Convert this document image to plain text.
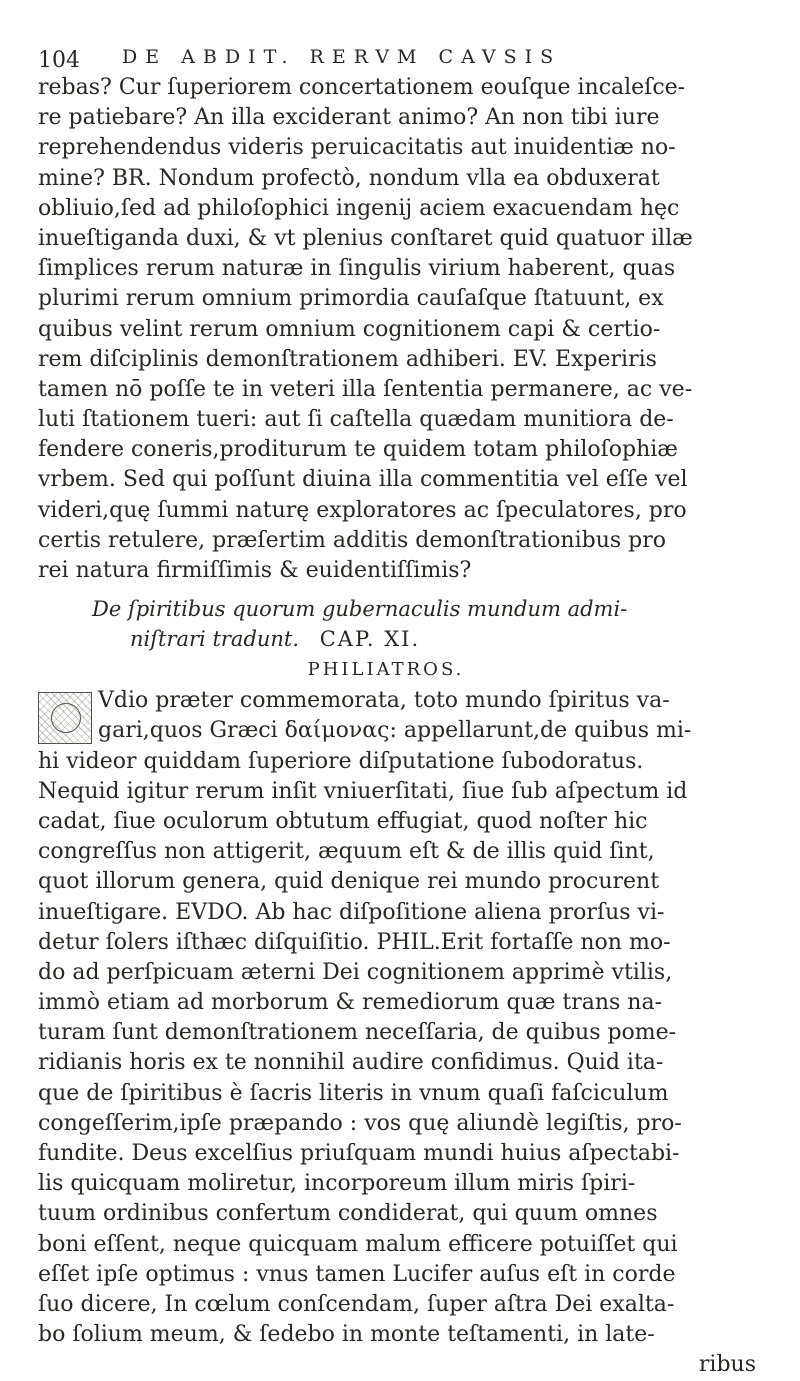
104 DE ABDIT. RERVM CAVSIS
rebas? Cur ſuperiorem concertationem eouſque incaleſce-
re patiebare? An illa exciderant animo? An non tibi iure
reprehendendus videris peruicacitatis aut inuidentiæ no-
mine? BR. Nondum profectò, nondum vlla ea obduxerat
obliuio,ſed ad philoſophici ingenij aciem exacuendam hęc
inueſtiganda duxi, & vt plenius conſtaret quid quatuor illæ
ſimplices rerum naturæ in ſingulis virium haberent, quas
plurimi rerum omnium primordia cauſaſque ſtatuunt, ex
quibus velint rerum omnium cognitionem capi & certio-
rem diſciplinis demonſtrationem adhiberi. EV. Experiris
tamen nō poſſe te in veteri illa ſententia permanere, ac ve-
luti ſtationem tueri: aut ſi caſtella quædam munitiora de-
fendere coneris,proditurum te quidem totam philoſophiæ
vrbem. Sed qui poſſunt diuina illa commentitia vel eſſe vel
videri,quę ſummi naturę exploratores ac ſpeculatores, pro
certis retulere, præſertim additis demonſtrationibus pro
rei natura firmiſſimis & euidentiſſimis?
De ſpiritibus quorum gubernaculis mundum admi-
niſtrari tradunt. CAP. XI.
PHILIATROS.
Vdio præter commemorata, toto mundo ſpiritus va-
gari,quos Græci δαίμονας: appellarunt,de quibus mi-
hi videor quiddam ſuperiore diſputatione ſubodoratus.
Nequid igitur rerum inſit vniuerſitati, ſiue ſub aſpectum id
cadat, ſiue oculorum obtutum effugiat, quod noſter hic
congreſſus non attigerit, æquum eſt & de illis quid ſint,
quot illorum genera, quid denique rei mundo procurent
inueſtigare. EVDO. Ab hac diſpoſitione aliena prorſus vi-
detur ſolers iſthæc diſquiſitio. PHIL.Erit fortaſſe non mo-
do ad perſpicuam æterni Dei cognitionem apprimè vtilis,
immò etiam ad morborum & remediorum quæ trans na-
turam ſunt demonſtrationem neceſſaria, de quibus pome-
ridianis horis ex te nonnihil audire confidimus. Quid ita-
que de ſpiritibus è ſacris literis in vnum quaſi faſciculum
congeſſerim,ipſe præpando : vos quę aliundè legiſtis, pro-
fundite. Deus excelſius priuſquam mundi huius aſpectabi-
lis quicquam moliretur, incorporeum illum miris ſpiri-
tuum ordinibus confertum condiderat, qui quum omnes
boni eſſent, neque quicquam malum efficere potuiſſet qui
eſſet ipſe optimus : vnus tamen Lucifer auſus eſt in corde
ſuo dicere, In cœlum conſcendam, ſuper aſtra Dei exalta-
bo ſolium meum, & ſedebo in monte teſtamenti, in late-
ribus
